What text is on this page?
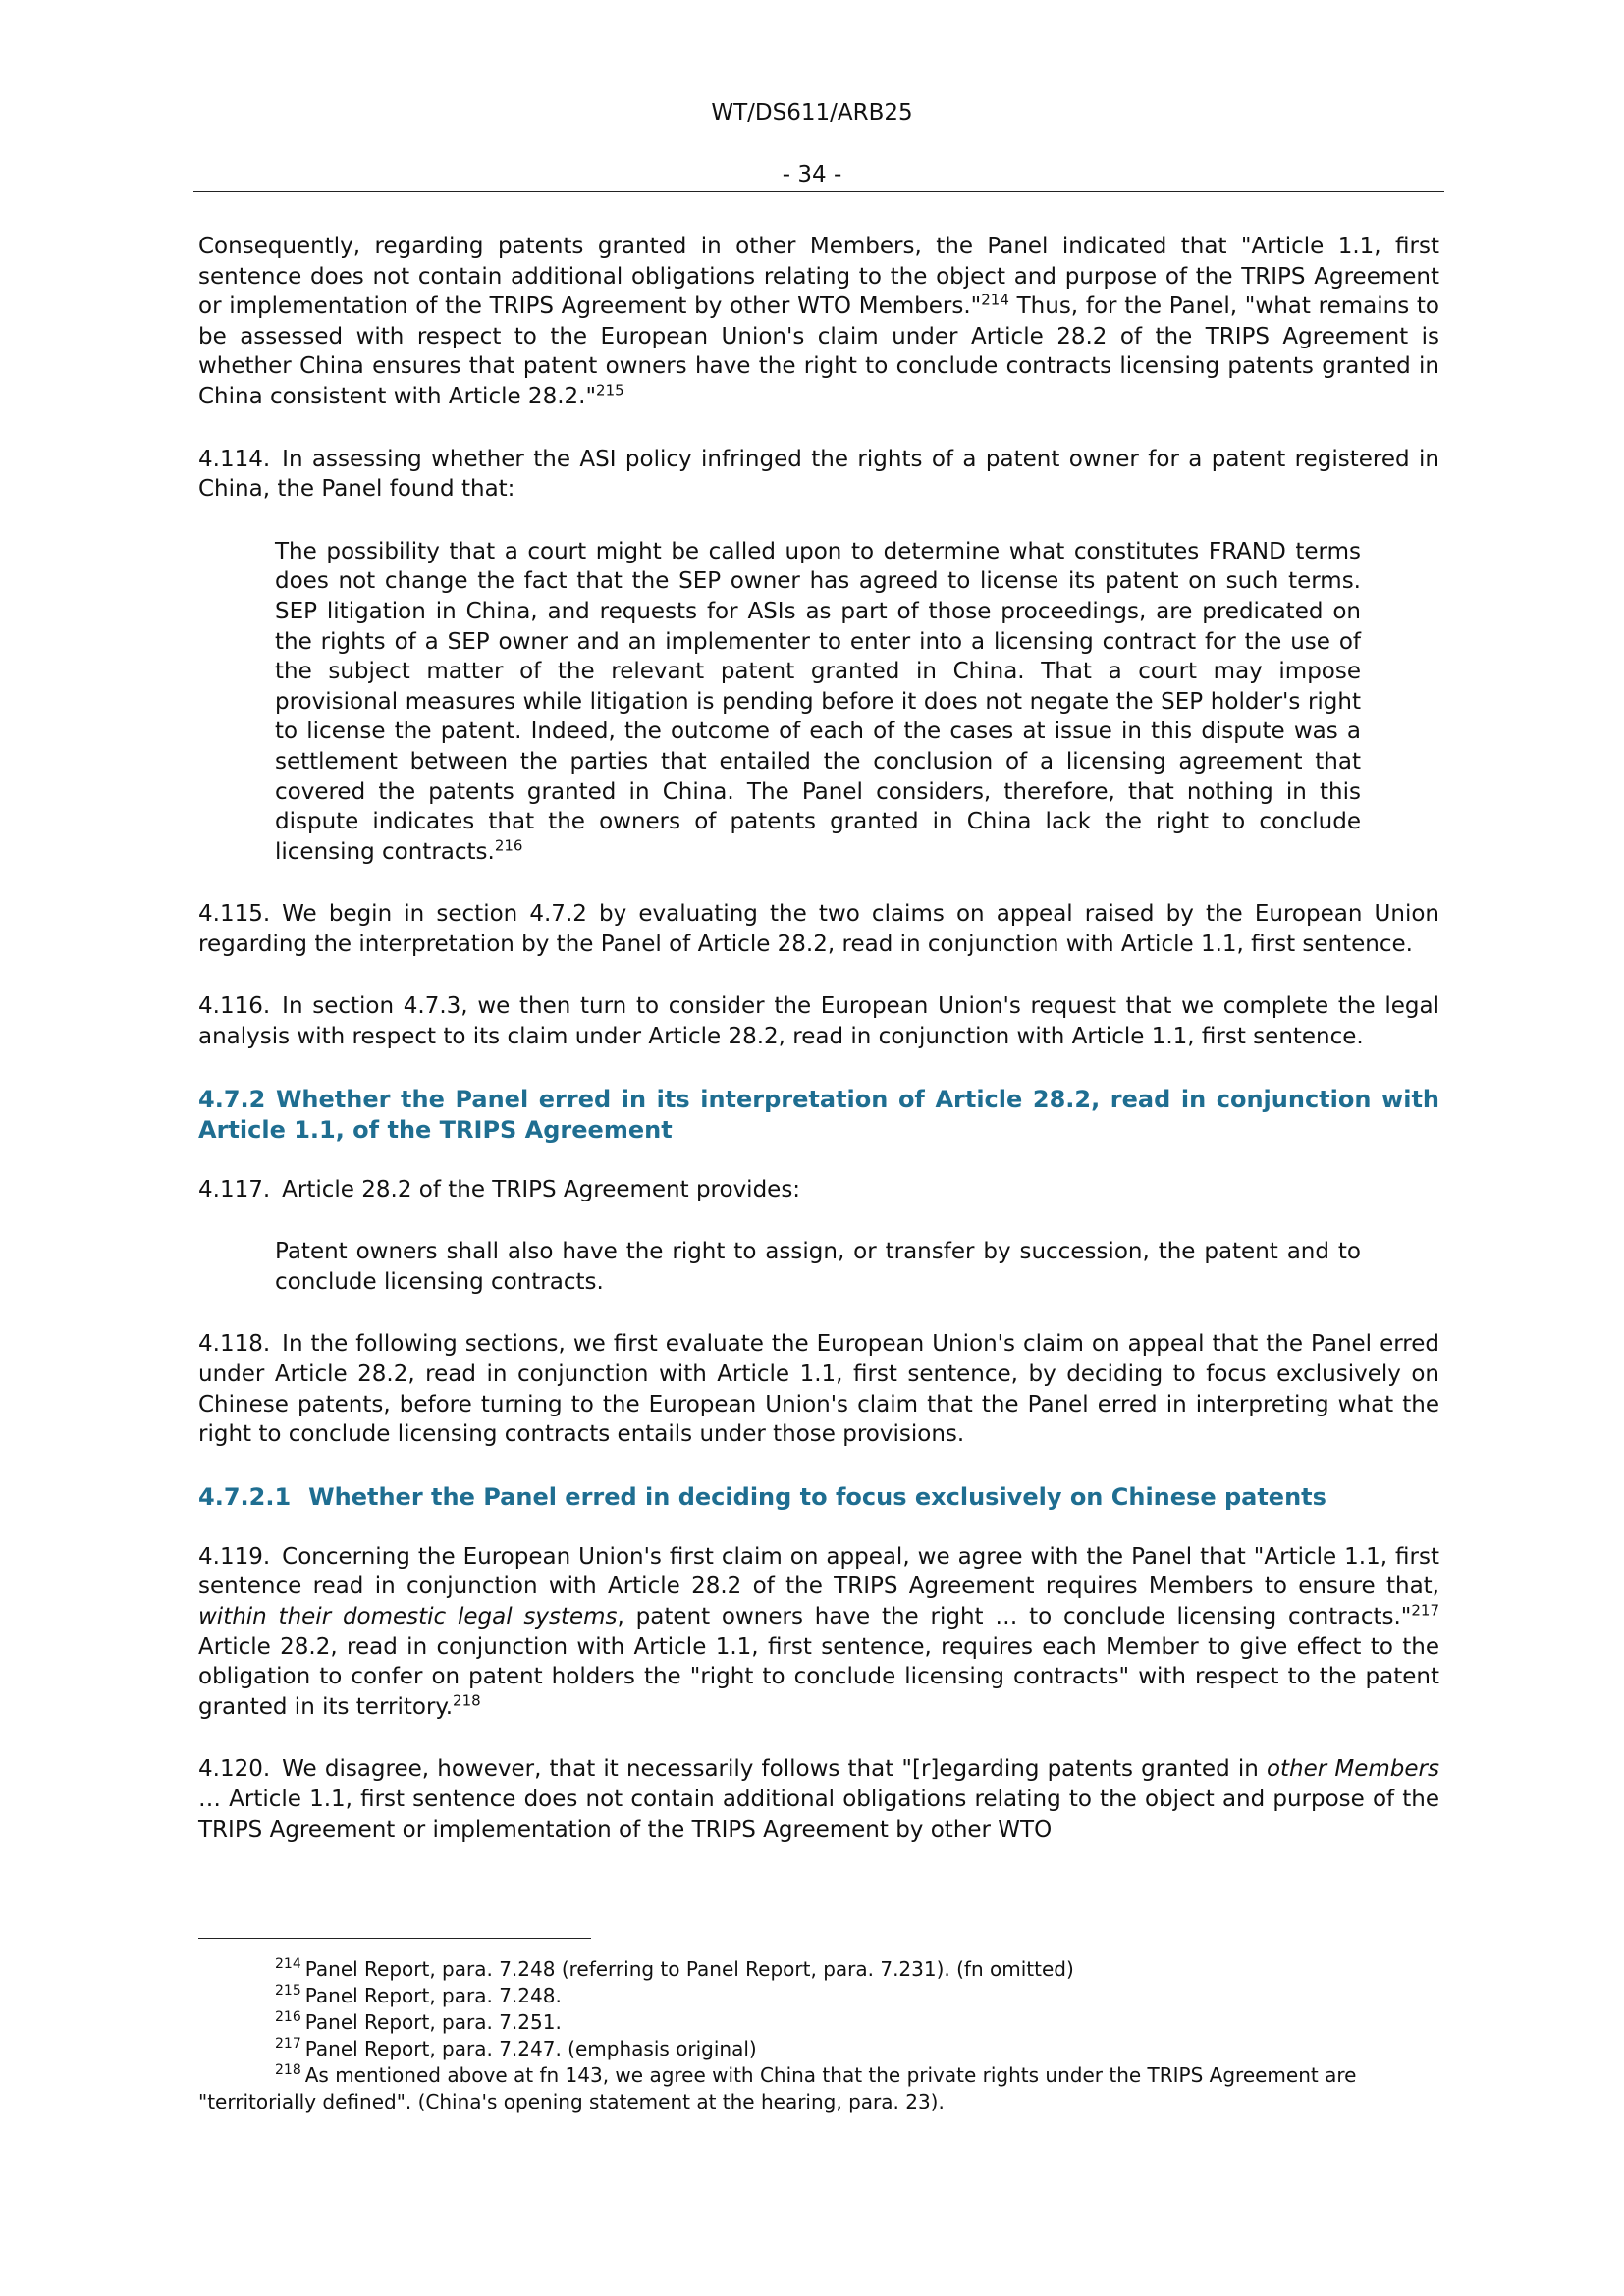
WT/DS611/ARB25
- 34 -

Consequently, regarding patents granted in other Members, the Panel indicated that "Article 1.1, first sentence does not contain additional obligations relating to the object and purpose of the TRIPS Agreement or implementation of the TRIPS Agreement by other WTO Members."$^{214}$ Thus, for the Panel, "what remains to be assessed with respect to the European Union's claim under Article 28.2 of the TRIPS Agreement is whether China ensures that patent owners have the right to conclude contracts licensing patents granted in China consistent with Article 28.2."$^{215}$

4.114. In assessing whether the ASI policy infringed the rights of a patent owner for a patent registered in China, the Panel found that:

The possibility that a court might be called upon to determine what constitutes FRAND terms does not change the fact that the SEP owner has agreed to license its patent on such terms. SEP litigation in China, and requests for ASIs as part of those proceedings, are predicated on the rights of a SEP owner and an implementer to enter into a licensing contract for the use of the subject matter of the relevant patent granted in China. That a court may impose provisional measures while litigation is pending before it does not negate the SEP holder's right to license the patent. Indeed, the outcome of each of the cases at issue in this dispute was a settlement between the parties that entailed the conclusion of a licensing agreement that covered the patents granted in China. The Panel considers, therefore, that nothing in this dispute indicates that the owners of patents granted in China lack the right to conclude licensing contracts.$^{216}$

4.115. We begin in section 4.7.2 by evaluating the two claims on appeal raised by the European Union regarding the interpretation by the Panel of Article 28.2, read in conjunction with Article 1.1, first sentence.

4.116. In section 4.7.3, we then turn to consider the European Union's request that we complete the legal analysis with respect to its claim under Article 28.2, read in conjunction with Article 1.1, first sentence.

4.7.2 Whether the Panel erred in its interpretation of Article 28.2, read in conjunction with Article 1.1, of the TRIPS Agreement

4.117. Article 28.2 of the TRIPS Agreement provides:

Patent owners shall also have the right to assign, or transfer by succession, the patent and to conclude licensing contracts.

4.118. In the following sections, we first evaluate the European Union's claim on appeal that the Panel erred under Article 28.2, read in conjunction with Article 1.1, first sentence, by deciding to focus exclusively on Chinese patents, before turning to the European Union's claim that the Panel erred in interpreting what the right to conclude licensing contracts entails under those provisions.

4.7.2.1 Whether the Panel erred in deciding to focus exclusively on Chinese patents

4.119. Concerning the European Union's first claim on appeal, we agree with the Panel that "Article 1.1, first sentence read in conjunction with Article 28.2 of the TRIPS Agreement requires Members to ensure that, within their domestic legal systems, patent owners have the right … to conclude licensing contracts."$^{217}$ Article 28.2, read in conjunction with Article 1.1, first sentence, requires each Member to give effect to the obligation to confer on patent holders the "right to conclude licensing contracts" with respect to the patent granted in its territory.$^{218}$

4.120. We disagree, however, that it necessarily follows that "[r]egarding patents granted in other Members … Article 1.1, first sentence does not contain additional obligations relating to the object and purpose of the TRIPS Agreement or implementation of the TRIPS Agreement by other WTO

$^{214}$ Panel Report, para. 7.248 (referring to Panel Report, para. 7.231). (fn omitted)
$^{215}$ Panel Report, para. 7.248.
$^{216}$ Panel Report, para. 7.251.
$^{217}$ Panel Report, para. 7.247. (emphasis original)
$^{218}$ As mentioned above at fn 143, we agree with China that the private rights under the TRIPS Agreement are "territorially defined". (China's opening statement at the hearing, para. 23).
